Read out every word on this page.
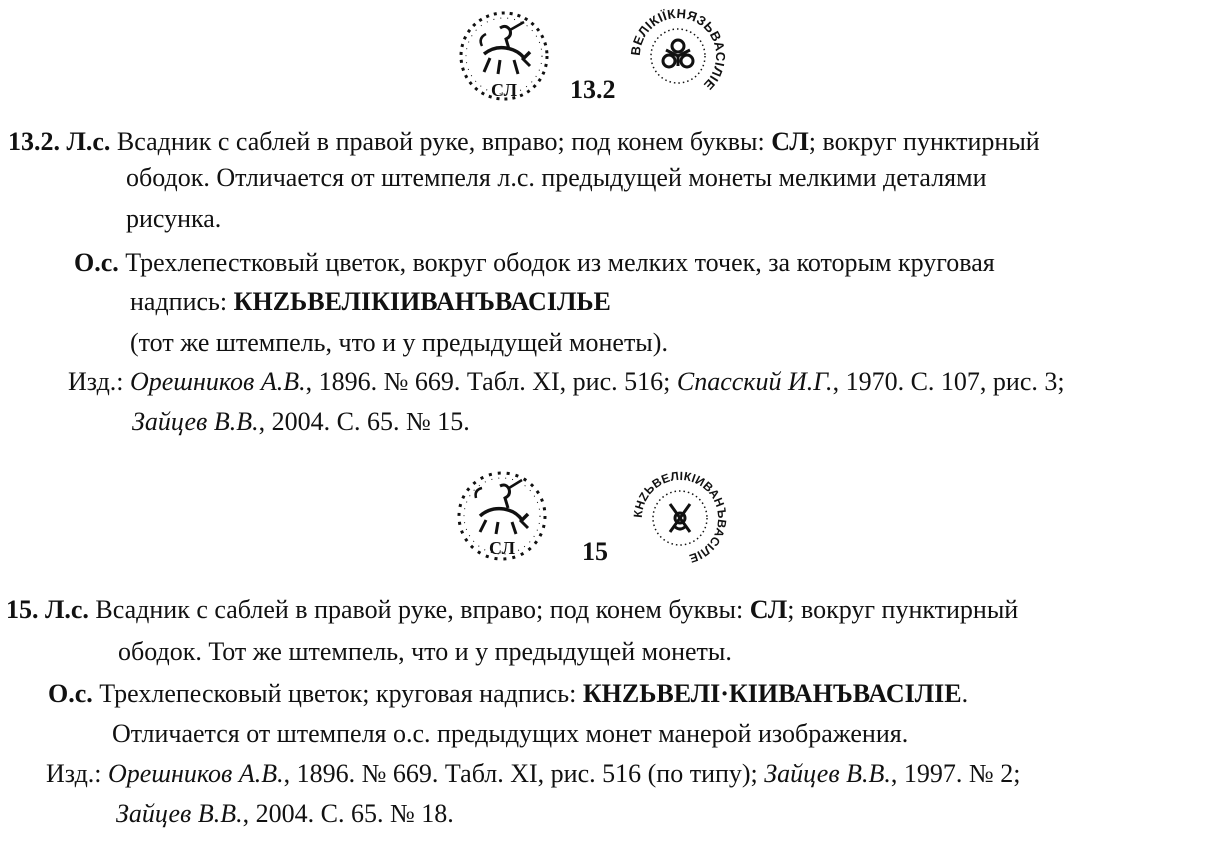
СЛ
ВЕЛІКІЇКНЯЗЬВАСІЛІЕ
13.2
13.2. Л.с. Всадник с саблей в правой руке, вправо; под конем буквы: СЛ; вокруг пунктирный
ободок. Отличается от штемпеля л.с. предыдущей монеты мелкими деталями
рисунка.
О.с. Трехлепестковый цветок, вокруг ободок из мелких точек, за которым круговая
надпись: КНZЬВЕЛІКІИВАНЪВАСІЛЬЕ
(тот же штемпель, что и у предыдущей монеты).
Изд.: Орешников А.В., 1896. № 669. Табл. XI, рис. 516; Спасский И.Г., 1970. С. 107, рис. 3;
Зайцев В.В., 2004. С. 65. № 15.
СЛ
КНZЬВЕЛІКІИВАНЪВАСІЛІЕ
15
15. Л.с. Всадник с саблей в правой руке, вправо; под конем буквы: СЛ; вокруг пунктирный
ободок. Тот же штемпель, что и у предыдущей монеты.
О.с. Трехлепесковый цветок; круговая надпись: КНZЬВЕЛІ·КІИВАНЪВАСІЛІЕ.
Отличается от штемпеля о.с. предыдущих монет манерой изображения.
Изд.: Орешников А.В., 1896. № 669. Табл. XI, рис. 516 (по типу); Зайцев В.В., 1997. № 2;
Зайцев В.В., 2004. С. 65. № 18.
